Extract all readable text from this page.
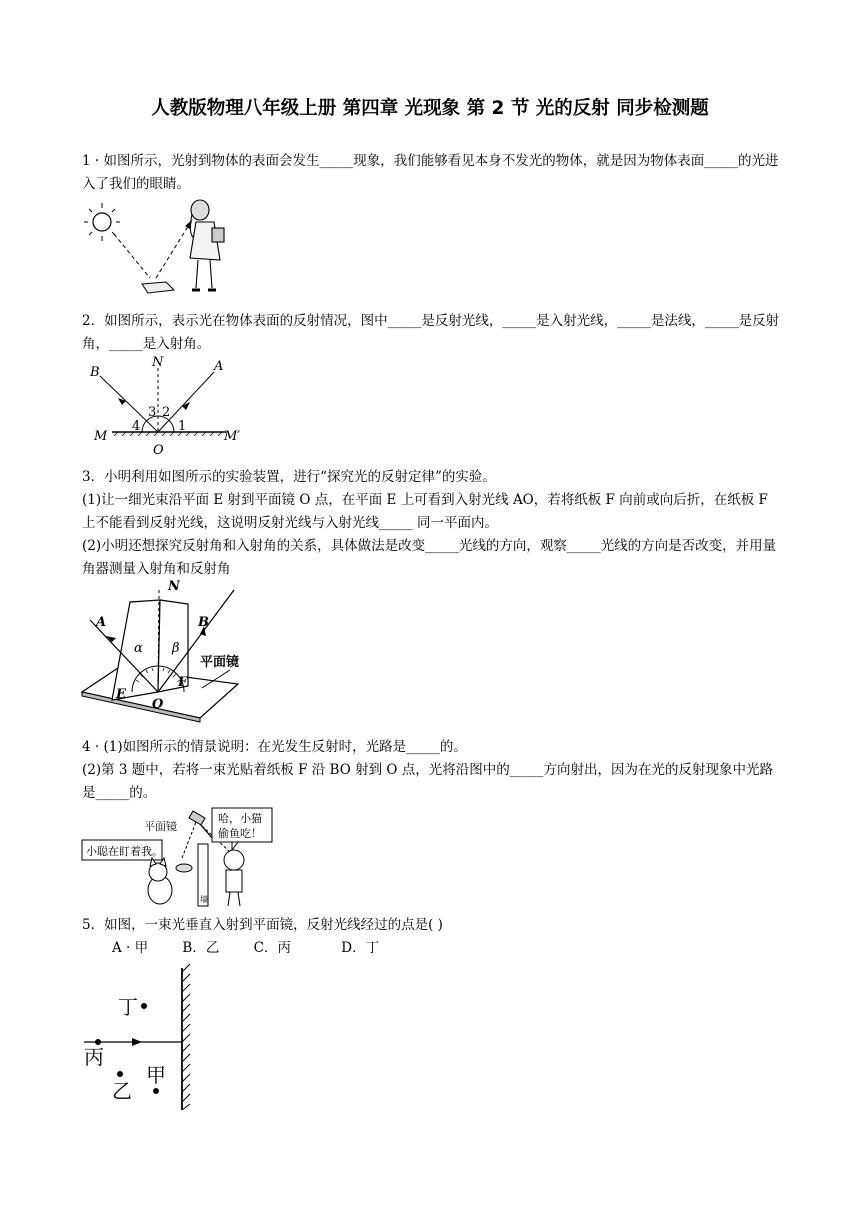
人教版物理八年级上册 第四章 光现象 第 2 节 光的反射 同步检测题
1 · 如图所示，光射到物体的表面会发生_____现象，我们能够看见本身不发光的物体，就是因为物体表面_____的光进入了我们的眼睛。
2．如图所示，表示光在物体表面的反射情况，图中_____是反射光线，_____是入射光线，_____是法线，_____是反射角，_____是入射角。
B
N	A
3 2
4	1
M
O
M′
3．小明利用如图所示的实验装置，进行“探究光的反射定律”的实验。
(1)让一细光束沿平面 E 射到平面镜 O 点，在平面 E 上可看到入射光线 AO，若将纸板 F 向前或向后折，在纸板 F 上不能看到反射光线，这说明反射光线与入射光线_____ 同一平面内。
(2)小明还想探究反射角和入射角的关系，具体做法是改变_____光线的方向，观察_____光线的方向是否改变，并用量角器测量入射角和反射角
N
A	B
α β
平面镜
E
F
O
4 · (1)如图所示的情景说明：在光发生反射时，光路是_____的。
(2)第 3 题中，若将一束光贴着纸板 F 沿 BO 射到 O 点，光将沿图中的_____方向射出，因为在光的反射现象中光路是_____的。
平面镜
墙
哈，小猫
偷鱼吃！
小聪在盯着我。
5．如图，一束光垂直入射到平面镜，反射光线经过的点是( )
A · 甲	B．乙	C．丙	D．丁
丁
丙
乙
甲
